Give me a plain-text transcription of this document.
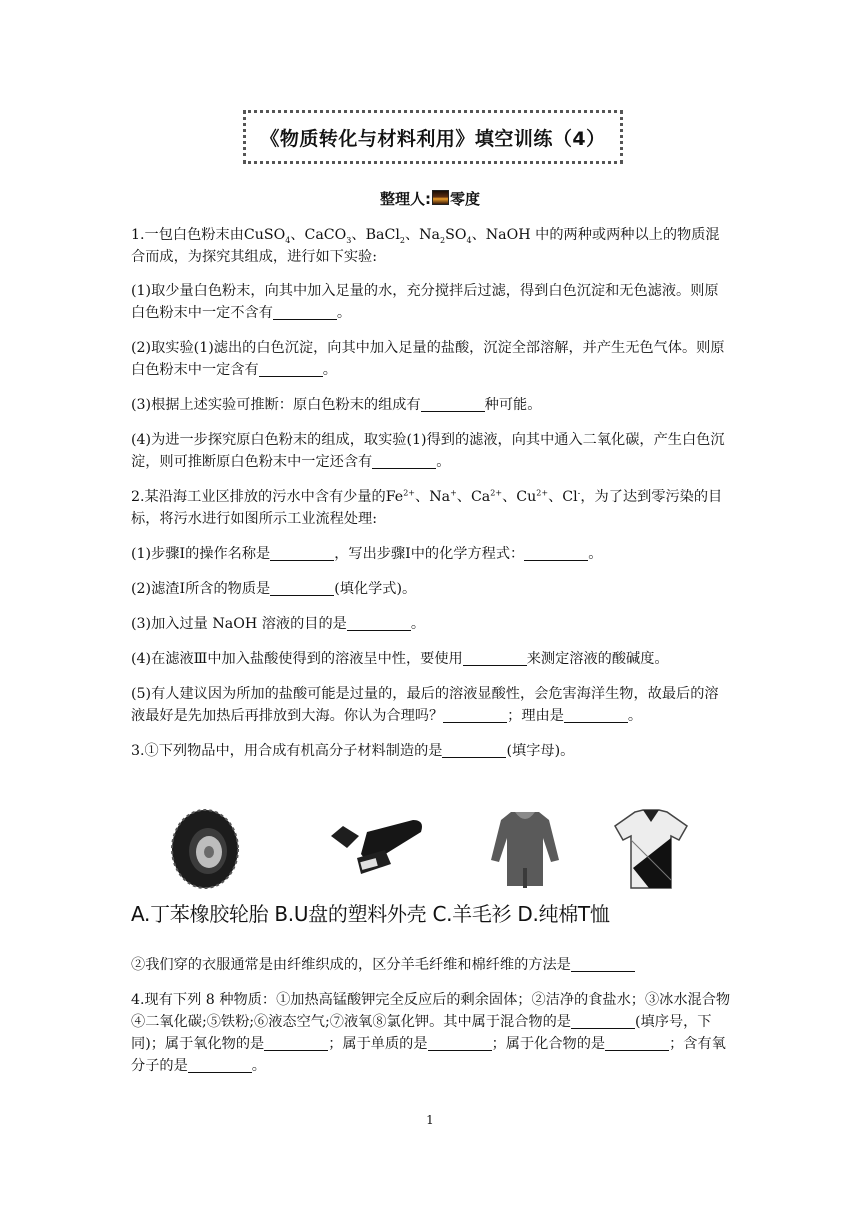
《物质转化与材料利用》填空训练（4）
整理人: 零度

1.一包白色粉末由CuSO$_4$、CaCO$_3$、BaCl$_2$、$Na_2SO_4$、NaOH 中的两种或两种以上的物质混合而成，为探究其组成，进行如下实验:

(1)取少量白色粉末，向其中加入足量的水，充分搅拌后过滤，得到白色沉淀和无色滤液。则原白色粉末中一定不含有	。

(2)取实验(1)滤出的白色沉淀，向其中加入足量的盐酸，沉淀全部溶解，并产生无色气体。则原白色粉末中一定含有	。

(3)根据上述实验可推断：原白色粉末的组成有	种可能。

(4)为进一步探究原白色粉末的组成，取实验(1)得到的滤液，向其中通入二氧化碳，产生白色沉淀，则可推断原白色粉末中一定还含有	。

2.某沿海工业区排放的污水中含有少量的$Fe^{2+}$、Na+、$Ca^{2+}$、$Cu^{2+}$、Cl-，为了达到零污染的目标，将污水进行如图所示工业流程处理:

(1)步骤Ⅰ的操作名称是	，写出步骤Ⅰ中的化学方程式：	。

(2)滤渣Ⅰ所含的物质是	(填化学式)。

(3)加入过量 NaOH 溶液的目的是	。

(4)在滤液Ⅲ中加入盐酸使得到的溶液呈中性，要使用	来测定溶液的酸碱度。

(5)有人建议因为所加的盐酸可能是过量的，最后的溶液显酸性，会危害海洋生物，故最后的溶液最好是先加热后再排放到大海。你认为合理吗？	；理由是	。

3.①下列物品中，用合成有机高分子材料制造的是	(填字母)。

A.丁苯橡胶轮胎 B.U盘的塑料外壳 C.羊毛衫 D.纯棉T恤

②我们穿的衣服通常是由纤维织成的，区分羊毛纤维和棉纤维的方法是

4.现有下列 8 种物质：①加热高锰酸钾完全反应后的剩余固体；②洁净的食盐水；③冰水混合物④二氧化碳;⑤铁粉;⑥液态空气;⑦液氧⑧氯化钾。其中属于混合物的是	(填序号，下同)；属于氧化物的是	；属于单质的是	；属于化合物的是	；含有氧分子的是	。

1
